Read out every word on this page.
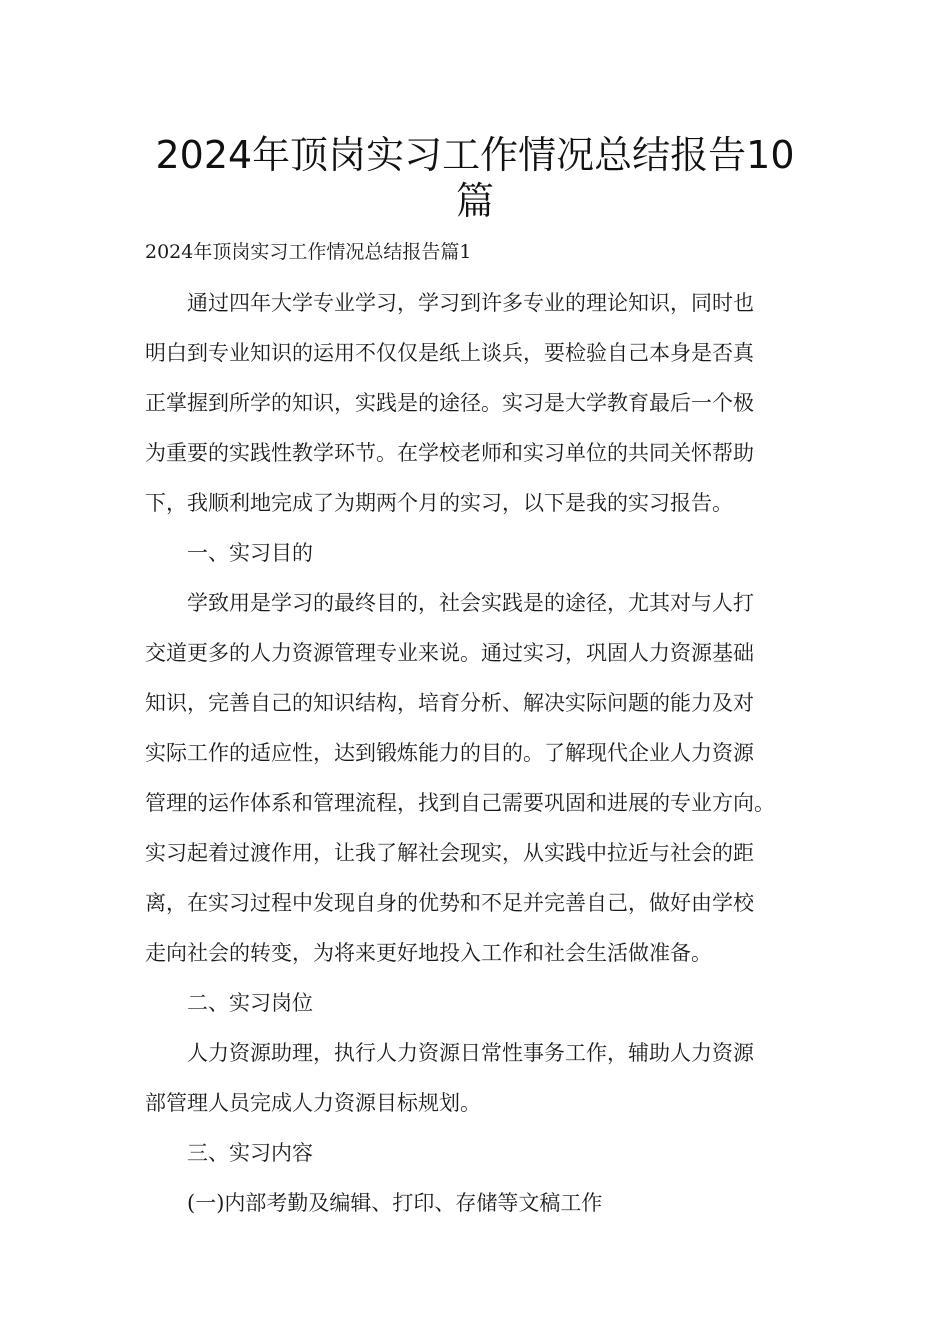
2024年顶岗实习工作情况总结报告10
篇
2024年顶岗实习工作情况总结报告篇1
　　通过四年大学专业学习，学习到许多专业的理论知识，同时也
明白到专业知识的运用不仅仅是纸上谈兵，要检验自己本身是否真
正掌握到所学的知识，实践是的途径。实习是大学教育最后一个极
为重要的实践性教学环节。在学校老师和实习单位的共同关怀帮助
下，我顺利地完成了为期两个月的实习，以下是我的实习报告。
　　一、实习目的
　　学致用是学习的最终目的，社会实践是的途径，尤其对与人打
交道更多的人力资源管理专业来说。通过实习，巩固人力资源基础
知识，完善自己的知识结构，培育分析、解决实际问题的能力及对
实际工作的适应性，达到锻炼能力的目的。了解现代企业人力资源
管理的运作体系和管理流程，找到自己需要巩固和进展的专业方向。
实习起着过渡作用，让我了解社会现实，从实践中拉近与社会的距
离，在实习过程中发现自身的优势和不足并完善自己，做好由学校
走向社会的转变，为将来更好地投入工作和社会生活做准备。
　　二、实习岗位
　　人力资源助理，执行人力资源日常性事务工作，辅助人力资源
部管理人员完成人力资源目标规划。
　　三、实习内容
　　(一)内部考勤及编辑、打印、存储等文稿工作
